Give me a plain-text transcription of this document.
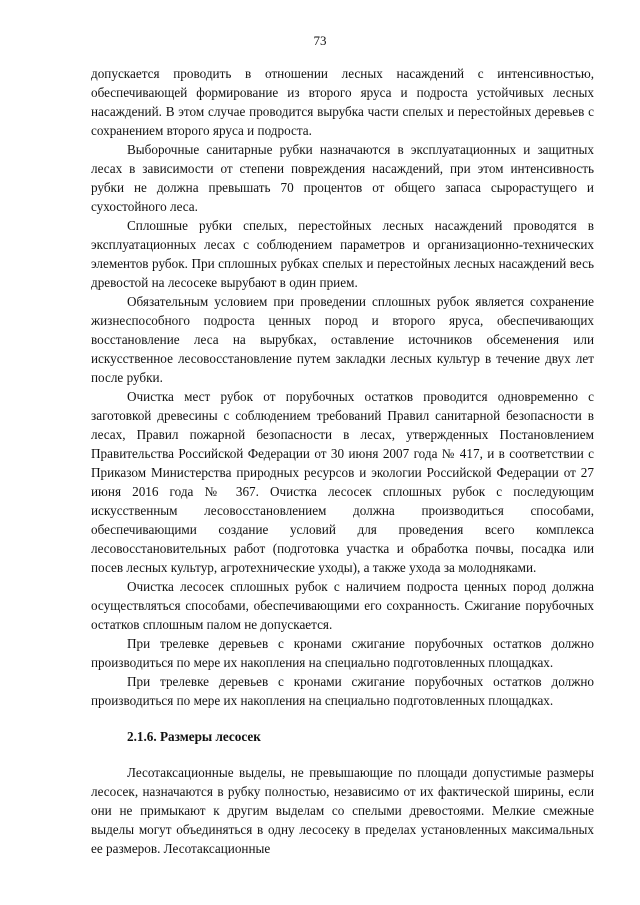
73

допускается проводить в отношении лесных насаждений с интенсивностью, обеспечивающей формирование из второго яруса и подроста устойчивых лесных насаждений. В этом случае проводится вырубка части спелых и перестойных деревьев с сохранением второго яруса и подроста.

Выборочные санитарные рубки назначаются в эксплуатационных и защитных лесах в зависимости от степени повреждения насаждений, при этом интенсивность рубки не должна превышать 70 процентов от общего запаса сырорастущего и сухостойного леса.

Сплошные рубки спелых, перестойных лесных насаждений проводятся в эксплуатационных лесах с соблюдением параметров и организационно-технических элементов рубок. При сплошных рубках спелых и перестойных лесных насаждений весь древостой на лесосеке вырубают в один прием.

Обязательным условием при проведении сплошных рубок является сохранение жизнеспособного подроста ценных пород и второго яруса, обеспечивающих восстановление леса на вырубках, оставление источников обсеменения или искусственное лесовосстановление путем закладки лесных культур в течение двух лет после рубки.

Очистка мест рубок от порубочных остатков проводится одновременно с заготовкой древесины с соблюдением требований Правил санитарной безопасности в лесах, Правил пожарной безопасности в лесах, утвержденных Постановлением Правительства Российской Федерации от 30 июня 2007 года № 417, и в соответствии с Приказом Министерства природных ресурсов и экологии Российской Федерации от 27 июня 2016 года № 367. Очистка лесосек сплошных рубок с последующим искусственным лесовосстановлением должна производиться способами, обеспечивающими создание условий для проведения всего комплекса лесовосстановительных работ (подготовка участка и обработка почвы, посадка или посев лесных культур, агротехнические уходы), а также ухода за молодняками.

Очистка лесосек сплошных рубок с наличием подроста ценных пород должна осуществляться способами, обеспечивающими его сохранность. Сжигание порубочных остатков сплошным палом не допускается.

При трелевке деревьев с кронами сжигание порубочных остатков должно производиться по мере их накопления на специально подготовленных площадках.

При трелевке деревьев с кронами сжигание порубочных остатков должно производиться по мере их накопления на специально подготовленных площадках.

2.1.6. Размеры лесосек

Лесотаксационные выделы, не превышающие по площади допустимые размеры лесосек, назначаются в рубку полностью, независимо от их фактической ширины, если они не примыкают к другим выделам со спелыми древостоями. Мелкие смежные выделы могут объединяться в одну лесосеку в пределах установленных максимальных ее размеров. Лесотаксационные
